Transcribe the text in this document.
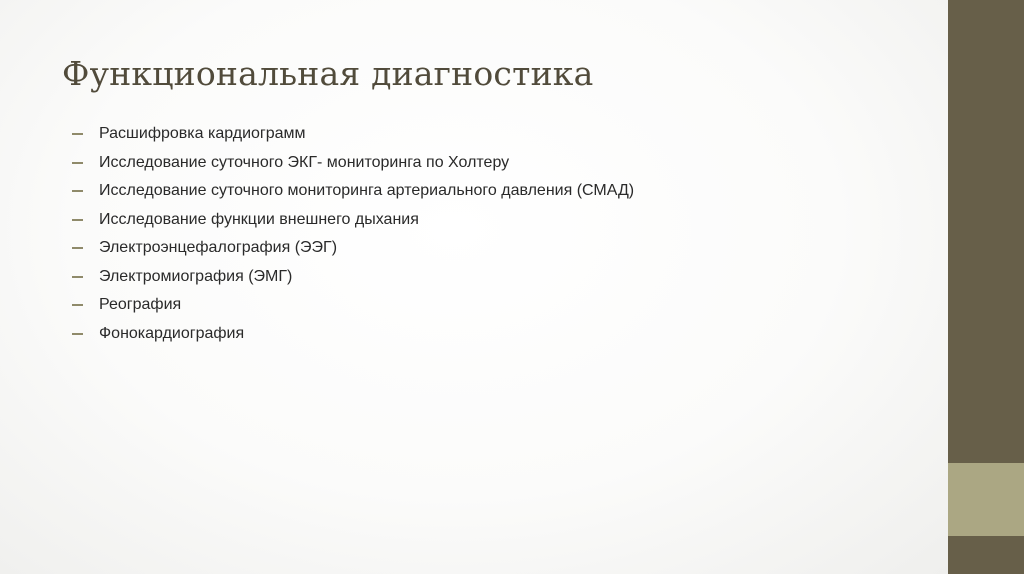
Функциональная диагностика
Расшифровка кардиограмм
Исследование суточного ЭКГ- мониторинга по Холтеру
Исследование суточного мониторинга артериального давления (СМАД)
Исследование функции внешнего дыхания
Электроэнцефалография (ЭЭГ)
Электромиография (ЭМГ)
Реография
Фонокардиография
